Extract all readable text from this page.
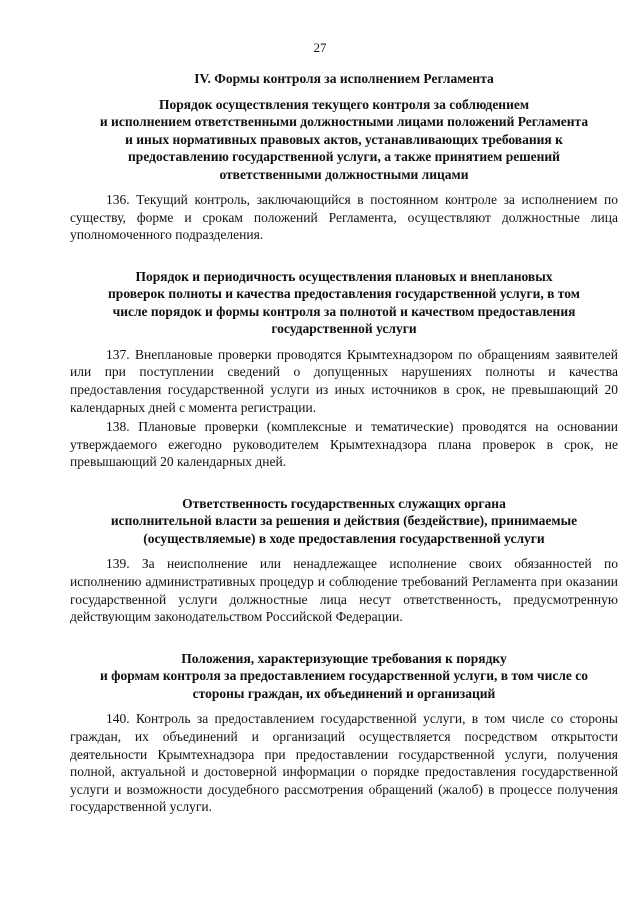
27

IV. Формы контроля за исполнением Регламента

Порядок осуществления текущего контроля за соблюдением
и исполнением ответственными должностными лицами положений Регламента
и иных нормативных правовых актов, устанавливающих требования к
предоставлению государственной услуги, а также принятием решений
ответственными должностными лицами

136. Текущий контроль, заключающийся в постоянном контроле за исполнением по существу, форме и срокам положений Регламента, осуществляют должностные лица уполномоченного подразделения.

Порядок и периодичность осуществления плановых и внеплановых
проверок полноты и качества предоставления государственной услуги, в том
числе порядок и формы контроля за полнотой и качеством предоставления
государственной услуги

137. Внеплановые проверки проводятся Крымтехнадзором по обращениям заявителей или при поступлении сведений о допущенных нарушениях полноты и качества предоставления государственной услуги из иных источников в срок, не превышающий 20 календарных дней с момента регистрации.

138. Плановые проверки (комплексные и тематические) проводятся на основании утверждаемого ежегодно руководителем Крымтехнадзора плана проверок в срок, не превышающий 20 календарных дней.

Ответственность государственных служащих органа
исполнительной власти за решения и действия (бездействие), принимаемые
(осуществляемые) в ходе предоставления государственной услуги

139. За неисполнение или ненадлежащее исполнение своих обязанностей по исполнению административных процедур и соблюдение требований Регламента при оказании государственной услуги должностные лица несут ответственность, предусмотренную действующим законодательством Российской Федерации.

Положения, характеризующие требования к порядку
и формам контроля за предоставлением государственной услуги, в том числе со
стороны граждан, их объединений и организаций

140. Контроль за предоставлением государственной услуги, в том числе со стороны граждан, их объединений и организаций осуществляется посредством открытости деятельности Крымтехнадзора при предоставлении государственной услуги, получения полной, актуальной и достоверной информации о порядке предоставления государственной услуги и возможности досудебного рассмотрения обращений (жалоб) в процессе получения государственной услуги.
